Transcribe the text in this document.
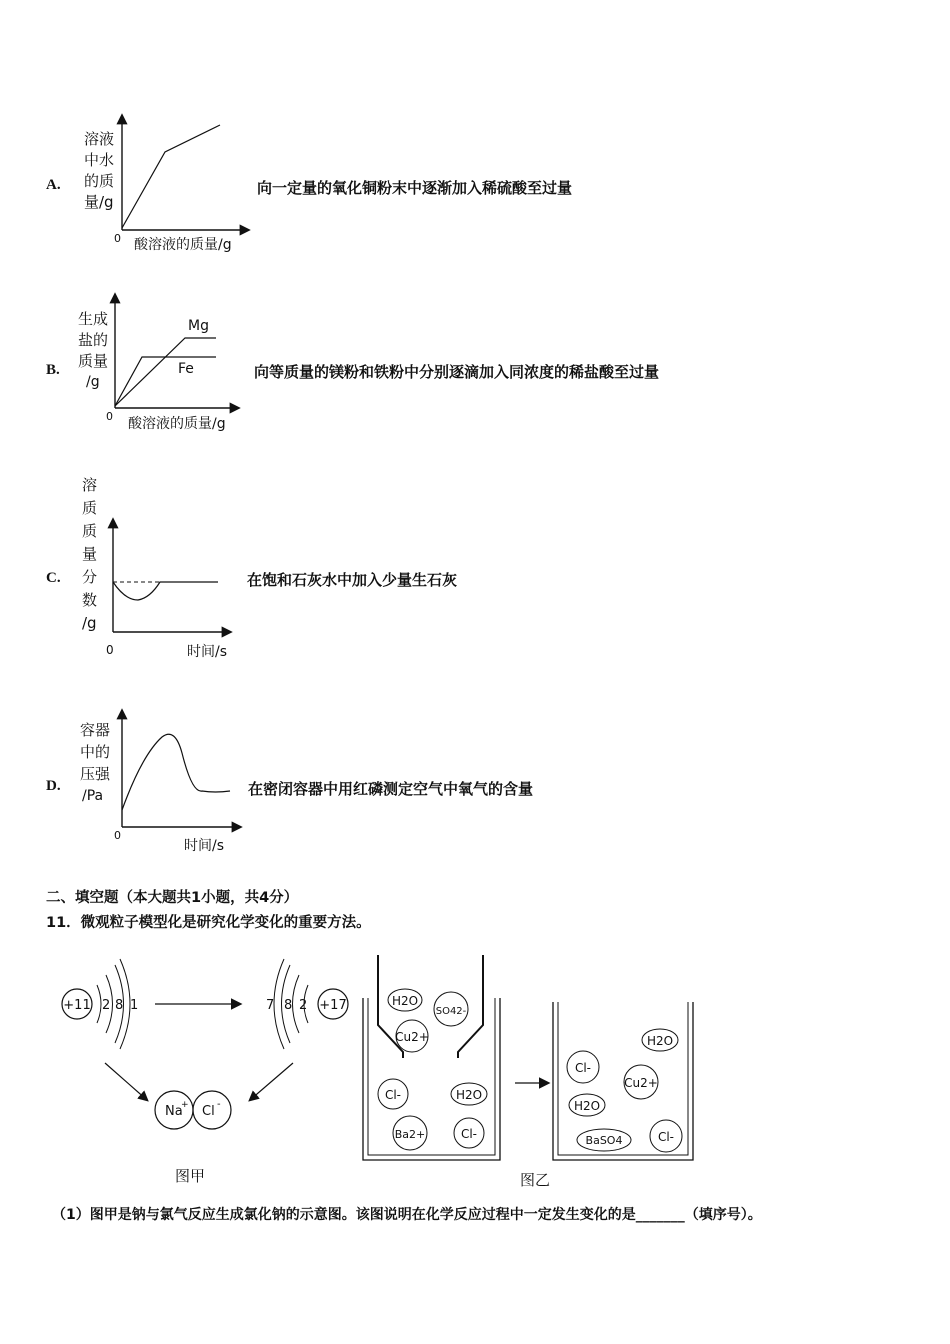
A.
溶液
中水
的质
量/g
0 酸溶液的质量/g
向一定量的氧化铜粉末中逐渐加入稀硫酸至过量
B.
Mg
Fe
生成
盐的
质量
/g
0 酸溶液的质量/g
向等质量的镁粉和铁粉中分别逐滴加入同浓度的稀盐酸至过量
C.
溶
质
质
量
分
数
/g
0	时间/s
在饱和石灰水中加入少量生石灰
D.
容器
中的
压强
/Pa
0
时间/s
在密闭容器中用红磷测定空气中氧气的含量
二、填空题（本大题共1小题，共4分）
11．微观粒子模型化是研究化学变化的重要方法。
+11 2 8 1	7 8 2 +17
Na
+ Cl -
图甲
H2O
SO42-
Cu2+
Cl-	H2O
Ba2+	Cl-
H2O
Cl-
Cu2+
H2O
BaSO4	Cl-
图乙
（1）图甲是钠与氯气反应生成氯化钠的示意图。该图说明在化学反应过程中一定发生变化的是_______（填序号）。
